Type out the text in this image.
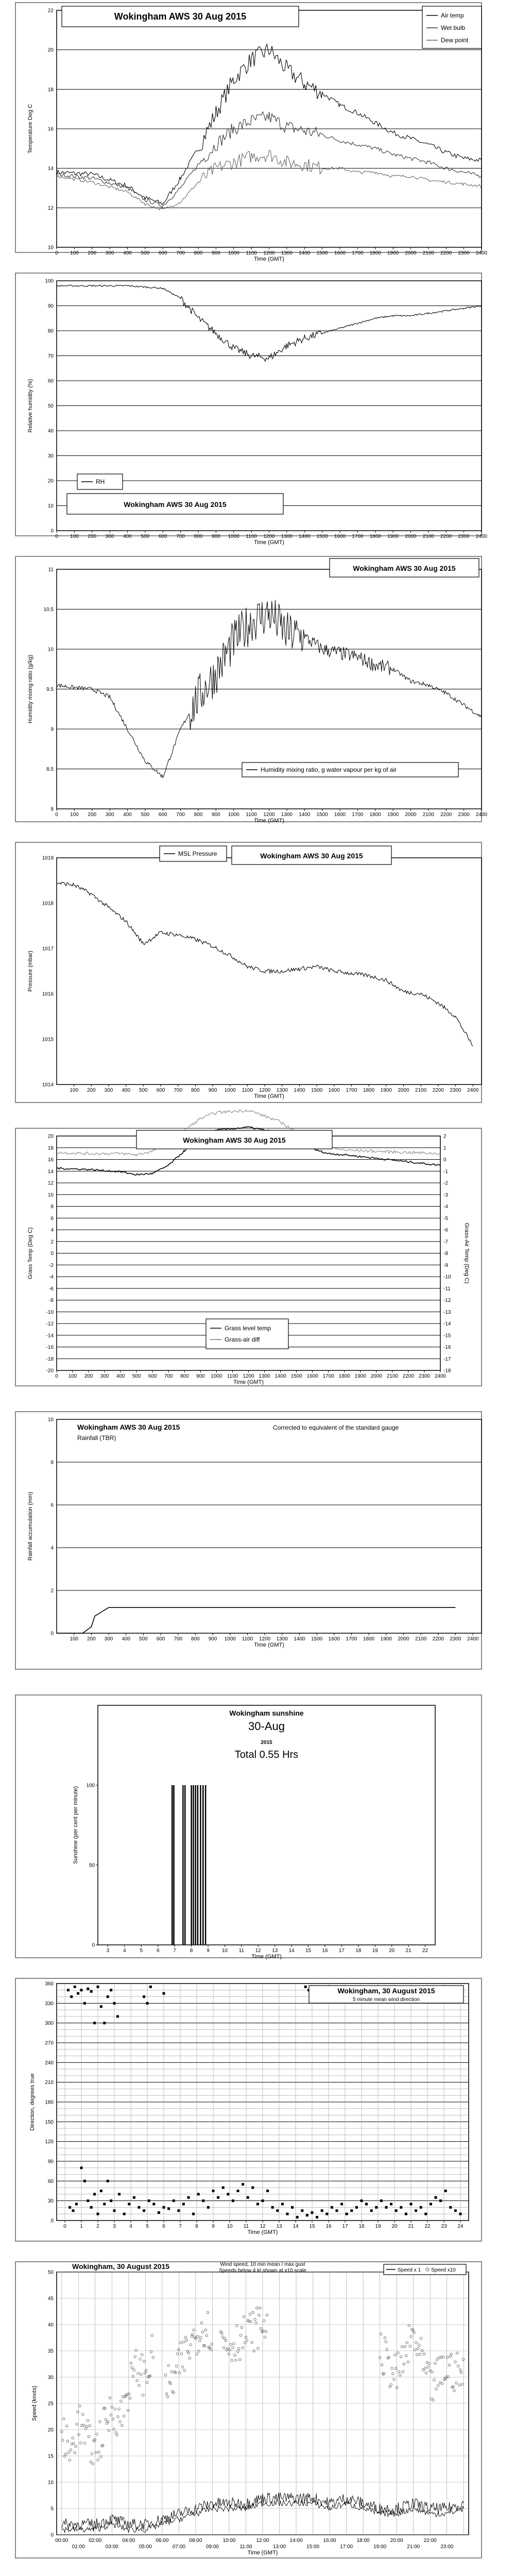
10
12
14
16
18
20
22
Temperature Deg C
0 100 200 300 400 500 600 700 800 900 1000 1100 1200 1300 1400 1500 1600 1700 1800 1900 2000 2100 2200 2300 2400
Time (GMT)
Wokingham AWS 30 Aug 2015	Air temp
Wet bulb
Dew point
0
10
20
30
40
50
60
70
80
90
100
Relative humidity (%)
0 100 200 300 400 500 600 700 800 900 1000 1100 1200 1300 1400 1500 1600 1700 1800 1900 2000 2100 2200 2300 2400
Time (GMT)
RH
Wokingham AWS 30 Aug 2015
8
8.5
9
9.5
10
10.5
11
Humidity mixing ratio (g/kg)
0 100 200 300 400 500 600 700 800 900 1000 1100 1200 1300 1400 1500 1600 1700 1800 1900 2000 2100 2200 2300 2400
Time (GMT)
Humidity mixing ratio, g water vapour per kg of air
Wokingham AWS 30 Aug 2015
1014
1015
1016
1017
1018
1019
Pressure (mbar)
100 200 300 400 500 600 700 800 900 1000 1100 1200 1300 1400 1500 1600 1700 1800 1900 2000 2100 2200 2300 2400
Time (GMT)
MSL Pressure	Wokingham AWS 30 Aug 2015
-20
-18
-16
-14
-12
-10
-8
-6
-4
-2
0
2
4
6
8
10
12
14
16
18
20
Grass Temp (Deg C)
-18
-17
-16
-15
-14
-13
-12
-11
-10
-9
-8
-7
-6
-5
-4
-3
-2
-1
0
1
2
Grass-Air Temp (Deg C)
0 100 200 300 400 500 600 700 800 900 1000 1100 1200 1300 1400 1500 1600 1700 1800 1900 2000 2100 2200 2300 2400
Time (GMT)
Grass level temp
Grass-air diff
Wokingham AWS 30 Aug 2015
0
2
4
6
8
10
Rainfall accumulation (mm)
100 200 300 400 500 600 700 800 900 1000 1100 1200 1300 1400 1500 1600 1700 1800 1900 2000 2100 2200 2300 2400
Time (GMT)
Wokingham AWS 30 Aug 2015
Rainfall (TBR)
Corrected to equivalent of the standard gauge
0
50
100
Sunshine (per cent per minute)
3	4	5	6	7	8	9 10 11 12 13 14 15 16 17 18 19 20 21 22
Time (GMT)
Wokingham sunshine
30-Aug
2015
Total 0.55 Hrs
0
30
60
90
120
150
180
210
240
270
300
330
360
Direction, degrees true
0	1	2	3	4	5	6	7	8	9 10 11 12 13 14 15 16 17 18 19 20 21 22 23 24
Time (GMT)
Wokingham, 30 August 2015
5 minute mean wind direction
0
5
10
15
20
25
30
35
40
45
50
Speed (knots)
00:00
01:00
02:00
03:00
04:00
05:00
06:00
07:00
08:00
09:00
10:00
11:00
12:00
13:00
14:00
15:00
16:00
17:00
18:00
19:00
20:00
21:00
22:00
23:00
Time (GMT)
Wokingham, 30 August 2015	Wind speed, 10 min mean / max gust
Speeds below 4 kt shown at x10 scale	Speed x 1 Speed x10
